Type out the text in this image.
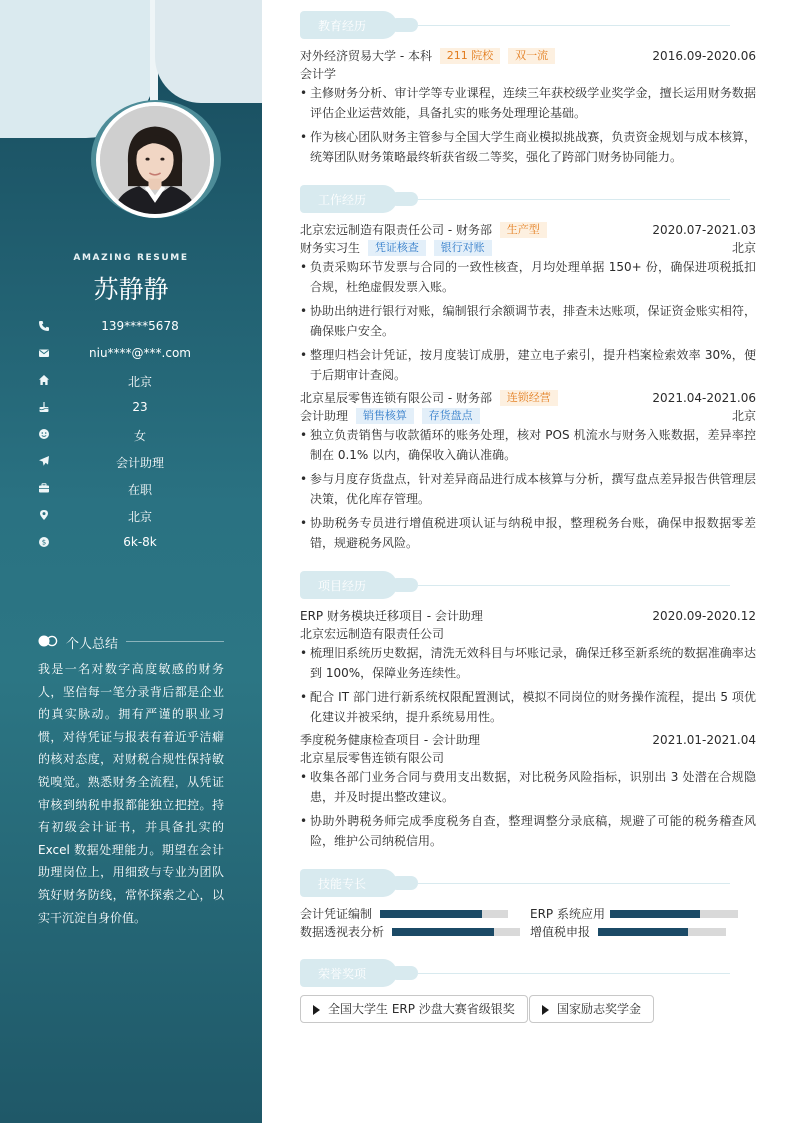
AMAZING RESUME
苏静静
139****5678
niu****@***.com
北京
23
女
会计助理
在职
北京
$	6k-8k
个人总结
我是一名对数字高度敏感的财务人，坚信每一笔分录背后都是企业的真实脉动。拥有严谨的职业习惯，对待凭证与报表有着近乎洁癖的核对态度，对财税合规性保持敏锐嗅觉。熟悉财务全流程，从凭证审核到纳税申报都能独立把控。持有初级会计证书，并具备扎实的 Excel 数据处理能力。期望在会计助理岗位上，用细致与专业为团队筑好财务防线，常怀探索之心，以实干沉淀自身价值。
教育经历
对外经济贸易大学 - 本科 211 院校 双一流	2016.09-2020.06
会计学
• 主修财务分析、审计学等专业课程，连续三年获校级学业奖学金，擅长运用财务数据评估企业运营效能，具备扎实的账务处理理论基础。
• 作为核心团队财务主管参与全国大学生商业模拟挑战赛，负责资金规划与成本核算，统筹团队财务策略最终斩获省级二等奖，强化了跨部门财务协同能力。
工作经历
北京宏远制造有限责任公司 - 财务部 生产型	2020.07-2021.03
财务实习生 凭证核查 银行对账	北京
• 负责采购环节发票与合同的一致性核查，月均处理单据 150+ 份，确保进项税抵扣合规，杜绝虚假发票入账。
• 协助出纳进行银行对账，编制银行余额调节表，排查未达账项，保证资金账实相符，确保账户安全。
• 整理归档会计凭证，按月度装订成册，建立电子索引，提升档案检索效率 30%，便于后期审计查阅。
北京星辰零售连锁有限公司 - 财务部 连锁经营	2021.04-2021.06
会计助理 销售核算 存货盘点	北京
• 独立负责销售与收款循环的账务处理，核对 POS 机流水与财务入账数据，差异率控制在 0.1% 以内，确保收入确认准确。
• 参与月度存货盘点，针对差异商品进行成本核算与分析，撰写盘点差异报告供管理层决策，优化库存管理。
• 协助税务专员进行增值税进项认证与纳税申报，整理税务台账，确保申报数据零差错，规避税务风险。
项目经历
ERP 财务模块迁移项目 - 会计助理	2020.09-2020.12
北京宏远制造有限责任公司
• 梳理旧系统历史数据，清洗无效科目与坏账记录，确保迁移至新系统的数据准确率达到 100%，保障业务连续性。
• 配合 IT 部门进行新系统权限配置测试，模拟不同岗位的财务操作流程，提出 5 项优化建议并被采纳，提升系统易用性。
季度税务健康检查项目 - 会计助理	2021.01-2021.04
北京星辰零售连锁有限公司
• 收集各部门业务合同与费用支出数据，对比税务风险指标，识别出 3 处潜在合规隐患，并及时提出整改建议。
• 协助外聘税务师完成季度税务自查，整理调整分录底稿，规避了可能的税务稽查风险，维护公司纳税信用。
技能专长
会计凭证编制	ERP 系统应用
数据透视表分析	增值税申报
荣誉奖项
全国大学生 ERP 沙盘大赛省级银奖	国家励志奖学金
